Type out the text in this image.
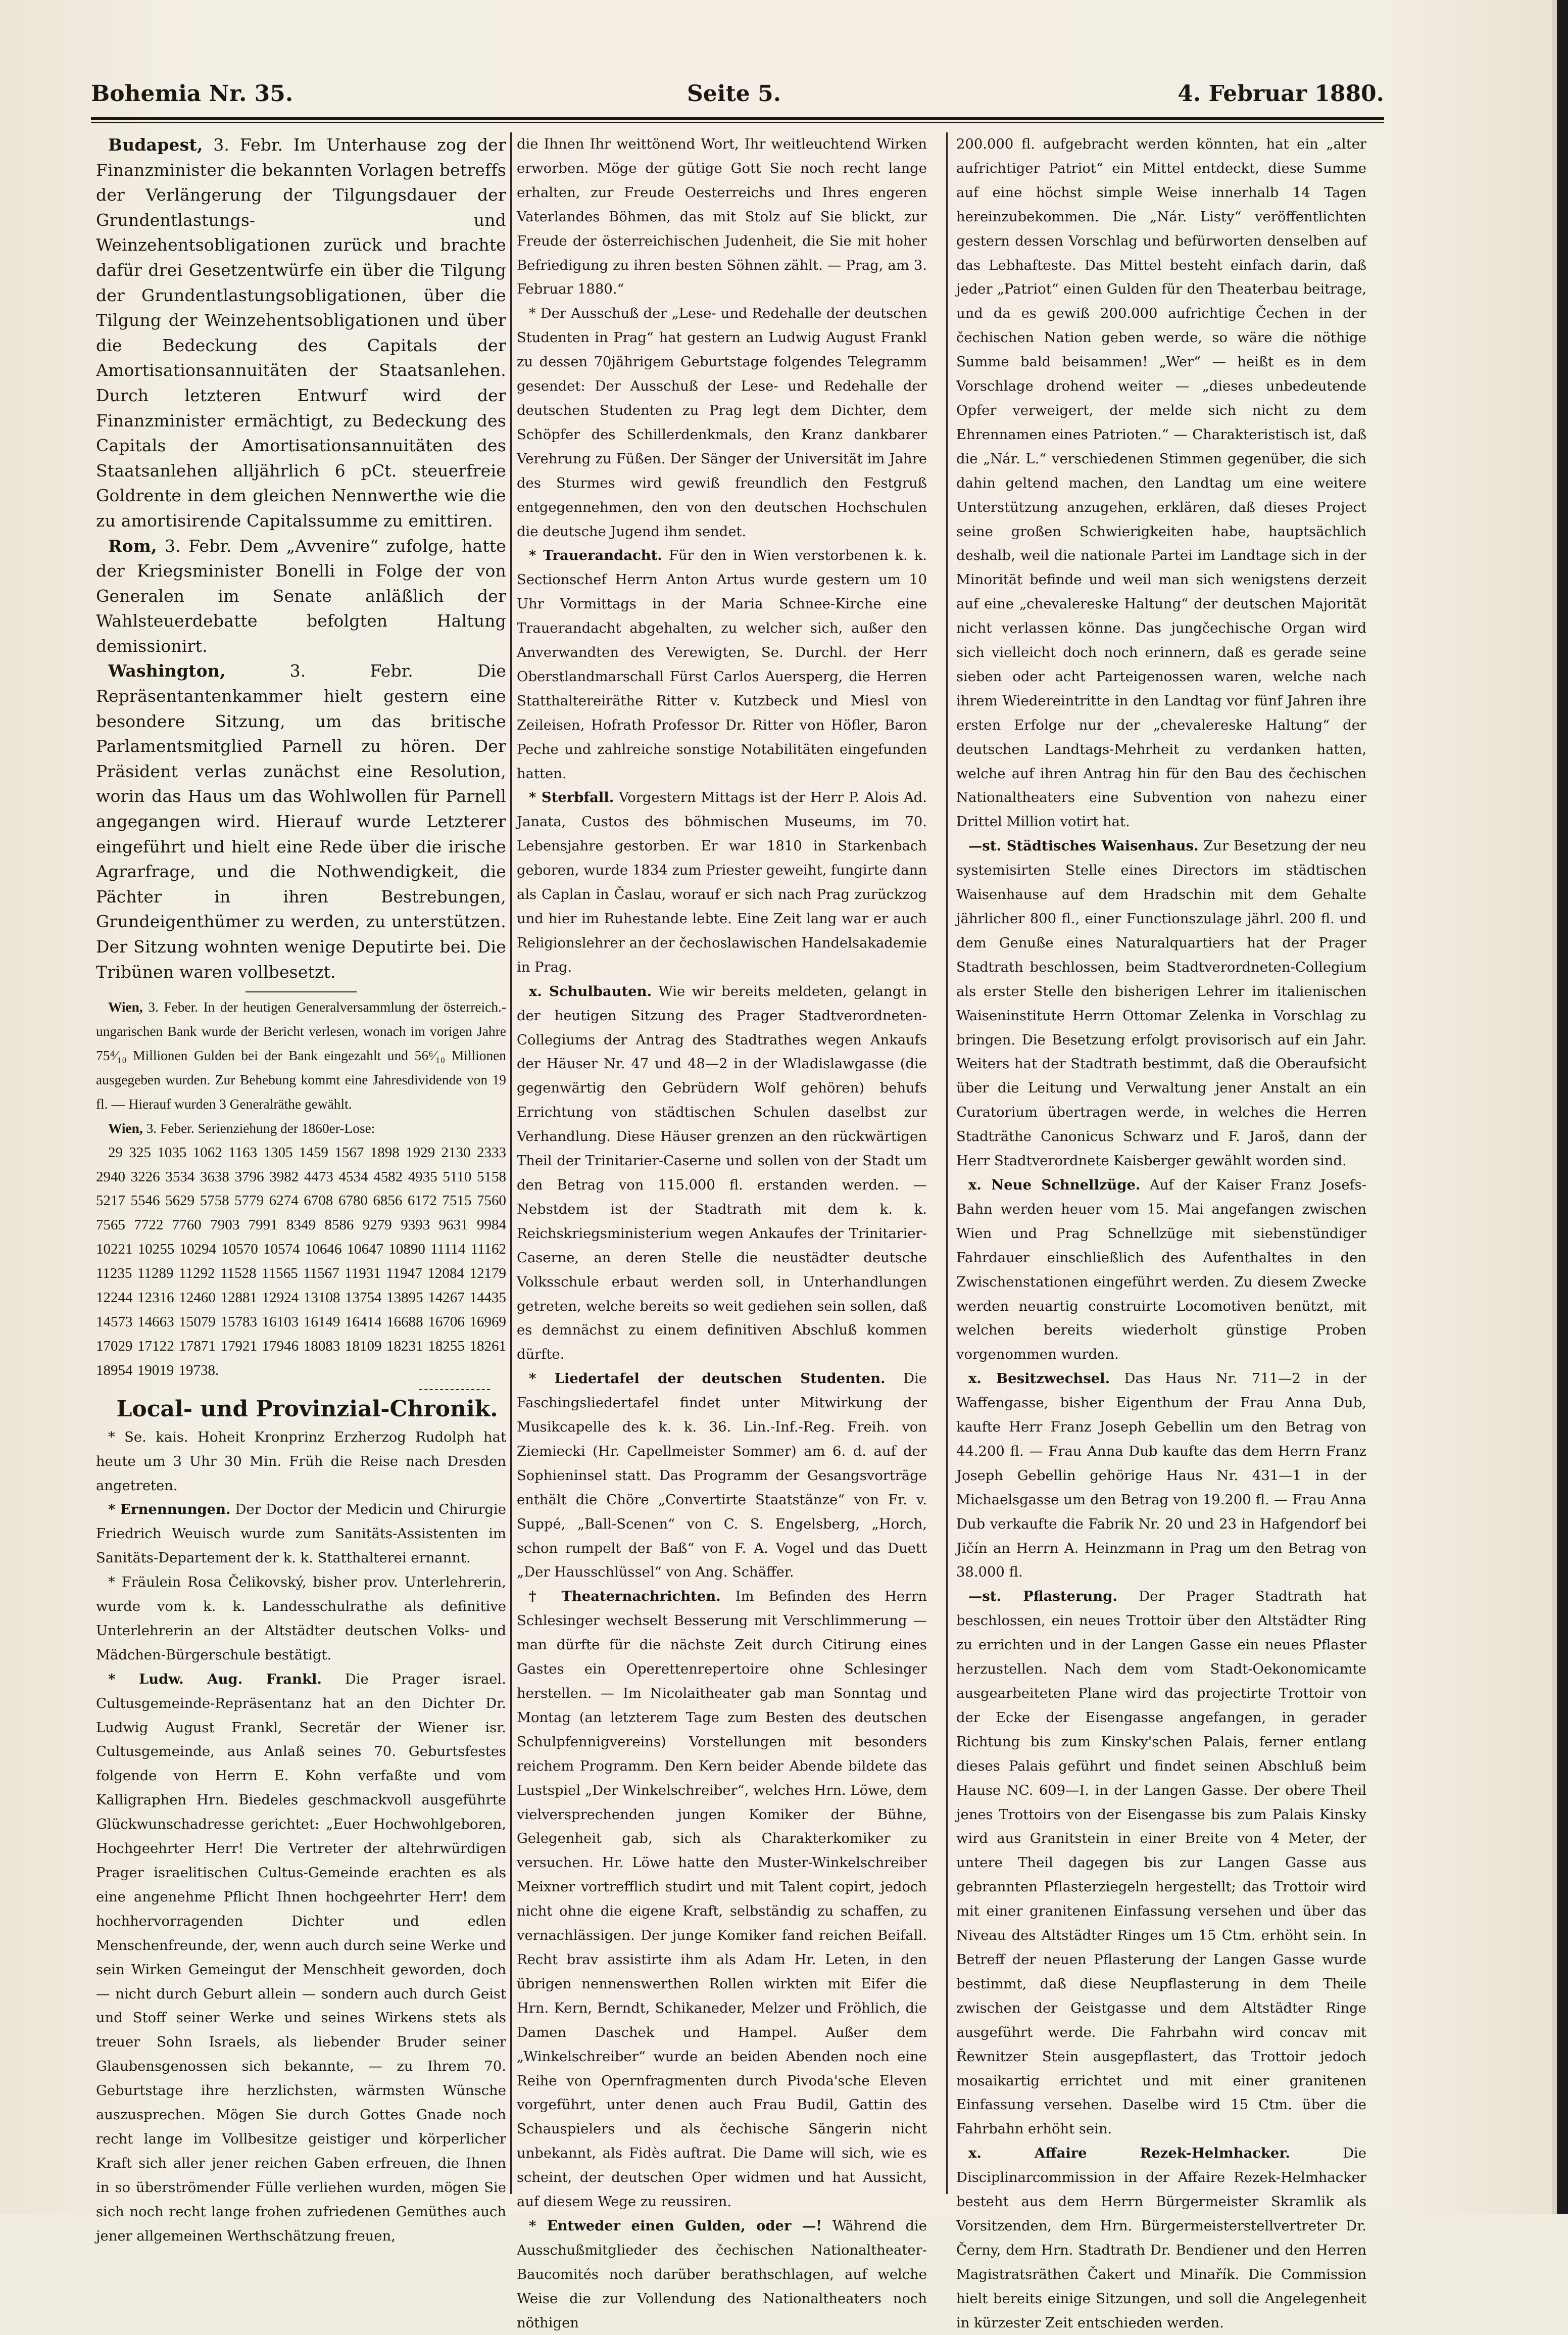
Bohemia Nr. 35.	Seite 5.	4. Februar 1880.

Budapest, 3. Febr. Im Unterhause zog der Finanzminister die bekannten Vorlagen betreffs der Verlängerung der Tilgungsdauer der Grundentlastungs- und Weinzehentsobligationen zurück und brachte dafür drei Gesetzentwürfe ein über die Tilgung der Grundentlastungsobligationen, über die Tilgung der Weinzehentsobligationen und über die Bedeckung des Capitals der Amortisationsannuitäten der Staatsanlehen. Durch letzteren Entwurf wird der Finanzminister ermächtigt, zu Bedeckung des Capitals der Amortisationsannuitäten des Staatsanlehen alljährlich 6 pCt. steuerfreie Goldrente in dem gleichen Nennwerthe wie die zu amortisirende Capitalssumme zu emittiren.

Rom, 3. Febr. Dem „Avvenire“ zufolge, hatte der Kriegsminister Bonelli in Folge der von Generalen im Senate anläßlich der Wahlsteuerdebatte befolgten Haltung demissionirt.

Washington, 3. Febr. Die Repräsentantenkammer hielt gestern eine besondere Sitzung, um das britische Parlamentsmitglied Parnell zu hören. Der Präsident verlas zunächst eine Resolution, worin das Haus um das Wohlwollen für Parnell angegangen wird. Hierauf wurde Letzterer eingeführt und hielt eine Rede über die irische Agrarfrage, und die Nothwendigkeit, die Pächter in ihren Bestrebungen, Grundeigenthümer zu werden, zu unterstützen. Der Sitzung wohnten wenige Deputirte bei. Die Tribünen waren vollbesetzt.

Wien, 3. Feber. In der heutigen Generalversammlung der österreich.-ungarischen Bank wurde der Bericht verlesen, wonach im vorigen Jahre 75⁴⁄₁₀ Millionen Gulden bei der Bank eingezahlt und 56⁶⁄₁₀ Millionen ausgegeben wurden. Zur Behebung kommt eine Jahresdividende von 19 fl. — Hierauf wurden 3 Generalräthe gewählt.

Wien, 3. Feber. Serienziehung der 1860er-Lose:

29 325 1035 1062 1163 1305 1459 1567 1898 1929 2130 2333 2940 3226 3534 3638 3796 3982 4473 4534 4582 4935 5110 5158 5217 5546 5629 5758 5779 6274 6708 6780 6856 6172 7515 7560 7565 7722 7760 7903 7991 8349 8586 9279 9393 9631 9984 10221 10255 10294 10570 10574 10646 10647 10890 11114 11162 11235 11289 11292 11528 11565 11567 11931 11947 12084 12179 12244 12316 12460 12881 12924 13108 13754 13895 14267 14435 14573 14663 15079 15783 16103 16149 16414 16688 16706 16969 17029 17122 17871 17921 17946 18083 18109 18231 18255 18261 18954 19019 19738.

Local- und Provinzial-Chronik.

* Se. kais. Hoheit Kronprinz Erzherzog Rudolph hat heute um 3 Uhr 30 Min. Früh die Reise nach Dresden angetreten.

* Ernennungen. Der Doctor der Medicin und Chirurgie Friedrich Weuisch wurde zum Sanitäts-Assistenten im Sanitäts-Departement der k. k. Statthalterei ernannt.

* Fräulein Rosa Čelikovský, bisher prov. Unterlehrerin, wurde vom k. k. Landesschulrathe als definitive Unterlehrerin an der Altstädter deutschen Volks- und Mädchen-Bürgerschule bestätigt.

* Ludw. Aug. Frankl. Die Prager israel. Cultusgemeinde-Repräsentanz hat an den Dichter Dr. Ludwig August Frankl, Secretär der Wiener isr. Cultusgemeinde, aus Anlaß seines 70. Geburtsfestes folgende von Herrn E. Kohn verfaßte und vom Kalligraphen Hrn. Biedeles geschmackvoll ausgeführte Glückwunschadresse gerichtet: „Euer Hochwohlgeboren, Hochgeehrter Herr! Die Vertreter der altehrwürdigen Prager israelitischen Cultus-Gemeinde erachten es als eine angenehme Pflicht Ihnen hochgeehrter Herr! dem hochhervorragenden Dichter und edlen Menschenfreunde, der, wenn auch durch seine Werke und sein Wirken Gemeingut der Menschheit geworden, doch — nicht durch Geburt allein — sondern auch durch Geist und Stoff seiner Werke und seines Wirkens stets als treuer Sohn Israels, als liebender Bruder seiner Glaubensgenossen sich bekannte, — zu Ihrem 70. Geburtstage ihre herzlichsten, wärmsten Wünsche auszusprechen. Mögen Sie durch Gottes Gnade noch recht lange im Vollbesitze geistiger und körperlicher Kraft sich aller jener reichen Gaben erfreuen, die Ihnen in so überströmender Fülle verliehen wurden, mögen Sie sich noch recht lange frohen zufriedenen Gemüthes auch jener allgemeinen Werthschätzung freuen,

die Ihnen Ihr weittönend Wort, Ihr weitleuchtend Wirken erworben. Möge der gütige Gott Sie noch recht lange erhalten, zur Freude Oesterreichs und Ihres engeren Vaterlandes Böhmen, das mit Stolz auf Sie blickt, zur Freude der österreichischen Judenheit, die Sie mit hoher Befriedigung zu ihren besten Söhnen zählt. — Prag, am 3. Februar 1880.“

* Der Ausschuß der „Lese- und Redehalle der deutschen Studenten in Prag“ hat gestern an Ludwig August Frankl zu dessen 70jährigem Geburtstage folgendes Telegramm gesendet: Der Ausschuß der Lese- und Redehalle der deutschen Studenten zu Prag legt dem Dichter, dem Schöpfer des Schillerdenkmals, den Kranz dankbarer Verehrung zu Füßen. Der Sänger der Universität im Jahre des Sturmes wird gewiß freundlich den Festgruß entgegennehmen, den von den deutschen Hochschulen die deutsche Jugend ihm sendet.

* Trauerandacht. Für den in Wien verstorbenen k. k. Sectionschef Herrn Anton Artus wurde gestern um 10 Uhr Vormittags in der Maria Schnee-Kirche eine Trauerandacht abgehalten, zu welcher sich, außer den Anverwandten des Verewigten, Se. Durchl. der Herr Oberstlandmarschall Fürst Carlos Auersperg, die Herren Statthaltereiräthe Ritter v. Kutzbeck und Miesl von Zeileisen, Hofrath Professor Dr. Ritter von Höfler, Baron Peche und zahlreiche sonstige Notabilitäten eingefunden hatten.

* Sterbfall. Vorgestern Mittags ist der Herr P. Alois Ad. Janata, Custos des böhmischen Museums, im 70. Lebensjahre gestorben. Er war 1810 in Starkenbach geboren, wurde 1834 zum Priester geweiht, fungirte dann als Caplan in Časlau, worauf er sich nach Prag zurückzog und hier im Ruhestande lebte. Eine Zeit lang war er auch Religionslehrer an der čechoslawischen Handelsakademie in Prag.

x. Schulbauten. Wie wir bereits meldeten, gelangt in der heutigen Sitzung des Prager Stadtverordneten-Collegiums der Antrag des Stadtrathes wegen Ankaufs der Häuser Nr. 47 und 48—2 in der Wladislawgasse (die gegenwärtig den Gebrüdern Wolf gehören) behufs Errichtung von städtischen Schulen daselbst zur Verhandlung. Diese Häuser grenzen an den rückwärtigen Theil der Trinitarier-Caserne und sollen von der Stadt um den Betrag von 115.000 fl. erstanden werden. — Nebstdem ist der Stadtrath mit dem k. k. Reichskriegsministerium wegen Ankaufes der Trinitarier-Caserne, an deren Stelle die neustädter deutsche Volksschule erbaut werden soll, in Unterhandlungen getreten, welche bereits so weit gediehen sein sollen, daß es demnächst zu einem definitiven Abschluß kommen dürfte.

* Liedertafel der deutschen Studenten. Die Faschingsliedertafel findet unter Mitwirkung der Musikcapelle des k. k. 36. Lin.-Inf.-Reg. Freih. von Ziemiecki (Hr. Capellmeister Sommer) am 6. d. auf der Sophieninsel statt. Das Programm der Gesangsvorträge enthält die Chöre „Convertirte Staatstänze“ von Fr. v. Suppé, „Ball-Scenen“ von C. S. Engelsberg, „Horch, schon rumpelt der Baß“ von F. A. Vogel und das Duett „Der Hausschlüssel“ von Ang. Schäffer.

† Theaternachrichten. Im Befinden des Herrn Schlesinger wechselt Besserung mit Verschlimmerung — man dürfte für die nächste Zeit durch Citirung eines Gastes ein Operettenrepertoire ohne Schlesinger herstellen. — Im Nicolaitheater gab man Sonntag und Montag (an letzterem Tage zum Besten des deutschen Schulpfennigvereins) Vorstellungen mit besonders reichem Programm. Den Kern beider Abende bildete das Lustspiel „Der Winkelschreiber“, welches Hrn. Löwe, dem vielversprechenden jungen Komiker der Bühne, Gelegenheit gab, sich als Charakterkomiker zu versuchen. Hr. Löwe hatte den Muster-Winkelschreiber Meixner vortrefflich studirt und mit Talent copirt, jedoch nicht ohne die eigene Kraft, selbständig zu schaffen, zu vernachlässigen. Der junge Komiker fand reichen Beifall. Recht brav assistirte ihm als Adam Hr. Leten, in den übrigen nennenswerthen Rollen wirkten mit Eifer die Hrn. Kern, Berndt, Schikaneder, Melzer und Fröhlich, die Damen Daschek und Hampel. Außer dem „Winkelschreiber“ wurde an beiden Abenden noch eine Reihe von Opernfragmenten durch Pivoda'sche Eleven vorgeführt, unter denen auch Frau Budil, Gattin des Schauspielers und als čechische Sängerin nicht unbekannt, als Fidès auftrat. Die Dame will sich, wie es scheint, der deutschen Oper widmen und hat Aussicht, auf diesem Wege zu reussiren.

* Entweder einen Gulden, oder —! Während die Ausschußmitglieder des čechischen Nationaltheater-Baucomités noch darüber berathschlagen, auf welche Weise die zur Vollendung des Nationaltheaters noch nöthigen

200.000 fl. aufgebracht werden könnten, hat ein „alter aufrichtiger Patriot“ ein Mittel entdeckt, diese Summe auf eine höchst simple Weise innerhalb 14 Tagen hereinzubekommen. Die „Nár. Listy“ veröffentlichten gestern dessen Vorschlag und befürworten denselben auf das Lebhafteste. Das Mittel besteht einfach darin, daß jeder „Patriot“ einen Gulden für den Theaterbau beitrage, und da es gewiß 200.000 aufrichtige Čechen in der čechischen Nation geben werde, so wäre die nöthige Summe bald beisammen! „Wer“ — heißt es in dem Vorschlage drohend weiter — „dieses unbedeutende Opfer verweigert, der melde sich nicht zu dem Ehrennamen eines Patrioten.“ — Charakteristisch ist, daß die „Nár. L.“ verschiedenen Stimmen gegenüber, die sich dahin geltend machen, den Landtag um eine weitere Unterstützung anzugehen, erklären, daß dieses Project seine großen Schwierigkeiten habe, hauptsächlich deshalb, weil die nationale Partei im Landtage sich in der Minorität befinde und weil man sich wenigstens derzeit auf eine „chevalereske Haltung“ der deutschen Majorität nicht verlassen könne. Das jungčechische Organ wird sich vielleicht doch noch erinnern, daß es gerade seine sieben oder acht Parteigenossen waren, welche nach ihrem Wiedereintritte in den Landtag vor fünf Jahren ihre ersten Erfolge nur der „chevalereske Haltung“ der deutschen Landtags-Mehrheit zu verdanken hatten, welche auf ihren Antrag hin für den Bau des čechischen Nationaltheaters eine Subvention von nahezu einer Drittel Million votirt hat.

—st. Städtisches Waisenhaus. Zur Besetzung der neu systemisirten Stelle eines Directors im städtischen Waisenhause auf dem Hradschin mit dem Gehalte jährlicher 800 fl., einer Functionszulage jährl. 200 fl. und dem Genuße eines Naturalquartiers hat der Prager Stadtrath beschlossen, beim Stadtverordneten-Collegium als erster Stelle den bisherigen Lehrer im italienischen Waiseninstitute Herrn Ottomar Zelenka in Vorschlag zu bringen. Die Besetzung erfolgt provisorisch auf ein Jahr. Weiters hat der Stadtrath bestimmt, daß die Oberaufsicht über die Leitung und Verwaltung jener Anstalt an ein Curatorium übertragen werde, in welches die Herren Stadträthe Canonicus Schwarz und F. Jaroš, dann der Herr Stadtverordnete Kaisberger gewählt worden sind.

x. Neue Schnellzüge. Auf der Kaiser Franz Josefs-Bahn werden heuer vom 15. Mai angefangen zwischen Wien und Prag Schnellzüge mit siebenstündiger Fahrdauer einschließlich des Aufenthaltes in den Zwischenstationen eingeführt werden. Zu diesem Zwecke werden neuartig construirte Locomotiven benützt, mit welchen bereits wiederholt günstige Proben vorgenommen wurden.

x. Besitzwechsel. Das Haus Nr. 711—2 in der Waffengasse, bisher Eigenthum der Frau Anna Dub, kaufte Herr Franz Joseph Gebellin um den Betrag von 44.200 fl. — Frau Anna Dub kaufte das dem Herrn Franz Joseph Gebellin gehörige Haus Nr. 431—1 in der Michaelsgasse um den Betrag von 19.200 fl. — Frau Anna Dub verkaufte die Fabrik Nr. 20 und 23 in Hafgendorf bei Jičín an Herrn A. Heinzmann in Prag um den Betrag von 38.000 fl.

—st. Pflasterung. Der Prager Stadtrath hat beschlossen, ein neues Trottoir über den Altstädter Ring zu errichten und in der Langen Gasse ein neues Pflaster herzustellen. Nach dem vom Stadt-Oekonomicamte ausgearbeiteten Plane wird das projectirte Trottoir von der Ecke der Eisengasse angefangen, in gerader Richtung bis zum Kinsky'schen Palais, ferner entlang dieses Palais geführt und findet seinen Abschluß beim Hause NC. 609—I. in der Langen Gasse. Der obere Theil jenes Trottoirs von der Eisengasse bis zum Palais Kinsky wird aus Granitstein in einer Breite von 4 Meter, der untere Theil dagegen bis zur Langen Gasse aus gebrannten Pflasterziegeln hergestellt; das Trottoir wird mit einer granitenen Einfassung versehen und über das Niveau des Altstädter Ringes um 15 Ctm. erhöht sein. In Betreff der neuen Pflasterung der Langen Gasse wurde bestimmt, daß diese Neupflasterung in dem Theile zwischen der Geistgasse und dem Altstädter Ringe ausgeführt werde. Die Fahrbahn wird concav mit Řewnitzer Stein ausgepflastert, das Trottoir jedoch mosaikartig errichtet und mit einer granitenen Einfassung versehen. Daselbe wird 15 Ctm. über die Fahrbahn erhöht sein.

x. Affaire Rezek-Helmhacker. Die Disciplinarcommission in der Affaire Rezek-Helmhacker besteht aus dem Herrn Bürgermeister Skramlik als Vorsitzenden, dem Hrn. Bürgermeisterstellvertreter Dr. Černy, dem Hrn. Stadtrath Dr. Bendiener und den Herren Magistratsräthen Čakert und Minařík. Die Commission hielt bereits einige Sitzungen, und soll die Angelegenheit in kürzester Zeit entschieden werden.
